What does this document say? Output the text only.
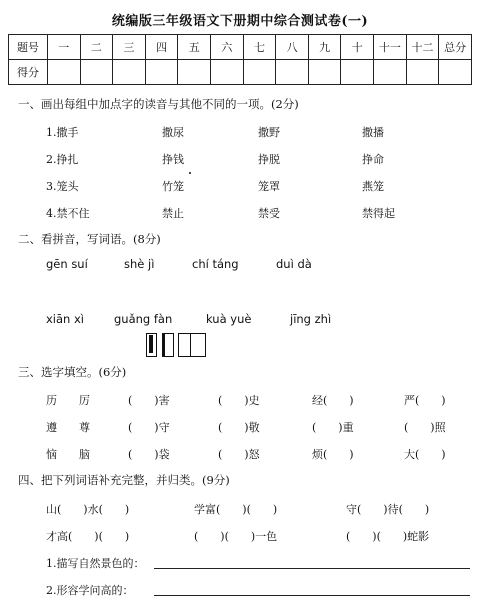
统编版三年级语文下册期中综合测试卷(一)
题号	一	二	三	四	五	六	七	八	九	十	十一	十二	总分
得分													
一、画出每组中加点字的读音与其他不同的一项。(2分)
1.撒手	撒尿	撒野	撒播
2.挣扎	挣钱	挣脱	挣命
3.笼头	竹笼	笼罩	燕笼
4.禁不住	禁止	禁受	禁得起
二、看拼音，写词语。(8分)
gēn suí	shè jì	chí táng	duì dà
xiān xì	guǎng fàn	kuà yuè	jīng zhì
三、选字填空。(6分)
历　　厉	(　　)害	(　　)史	经(　　)	严(　　)
遵　　尊	(　　)守	(　　)敬	(　　)重	(　　)照
恼　　脑	(　　)袋	(　　)怒	烦(　　)	大(　　)
四、把下列词语补充完整，并归类。(9分)
山(　　)水(　　)	学富(　　)(　　)	守(　　)待(　　)
才高(　　)(　　)	(　　)(　　)一色	(　　)(　　)蛇影
1.描写自然景色的：
2.形容学问高的：
